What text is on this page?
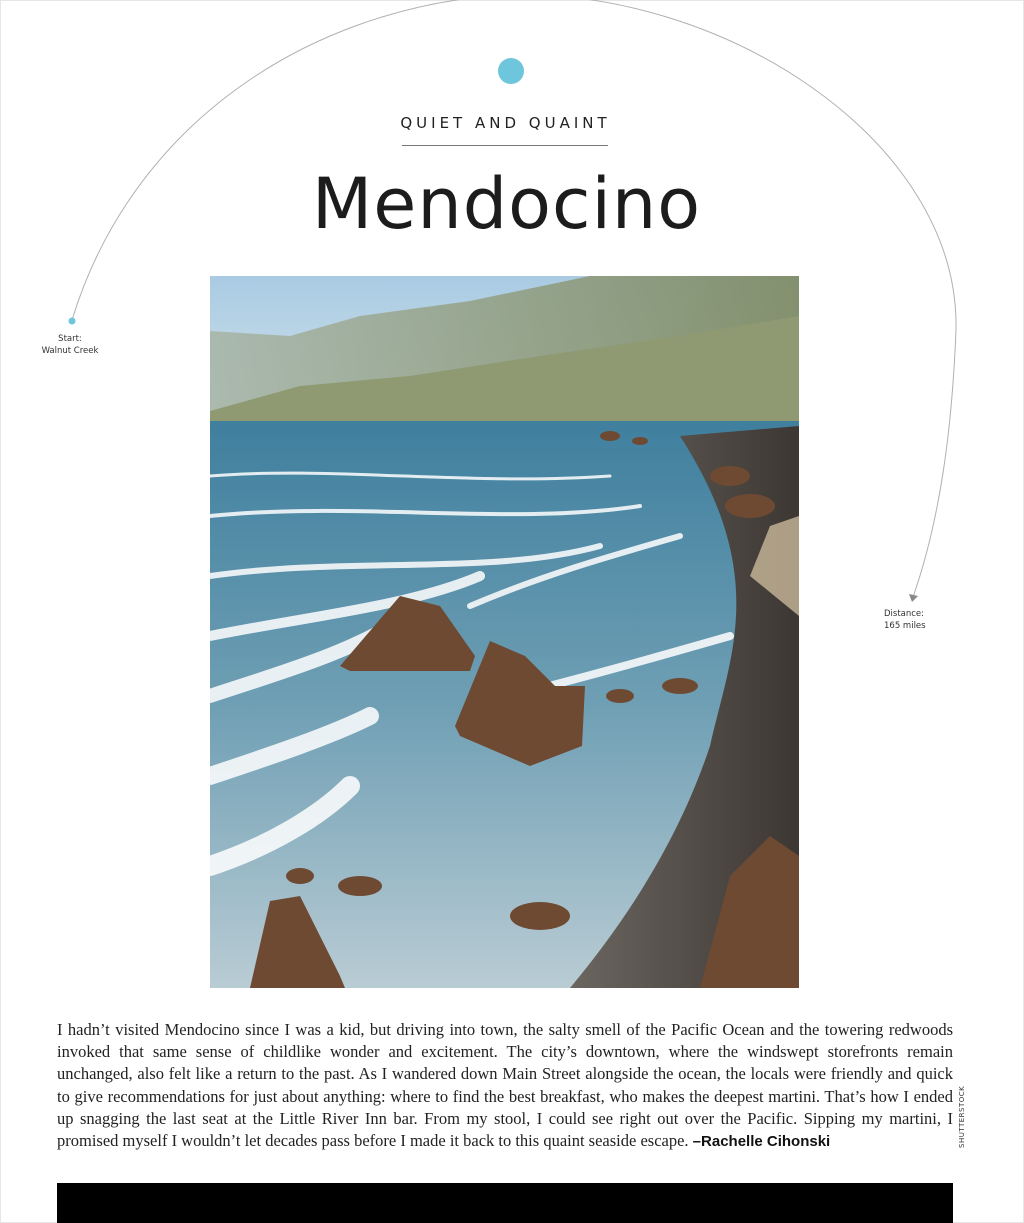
Start:
Walnut Creek
Distance:
165 miles
QUIET AND QUAINT
Mendocino

I hadn’t visited Mendocino since I was a kid, but driving into town, the salty smell of the Pacific Ocean and the towering redwoods invoked that same sense of childlike wonder and excitement. The city’s downtown, where the windswept storefronts remain unchanged, also felt like a return to the past. As I wandered down Main Street alongside the ocean, the locals were friendly and quick to give recommendations for just about anything: where to find the best breakfast, who makes the deepest martini. That’s how I ended up snagging the last seat at the Little River Inn bar. From my stool, I could see right out over the Pacific. Sipping my martini, I promised myself I wouldn’t let decades pass before I made it back to this quaint seaside escape. –Rachelle Cihonski	SHUTTERSTOCK
